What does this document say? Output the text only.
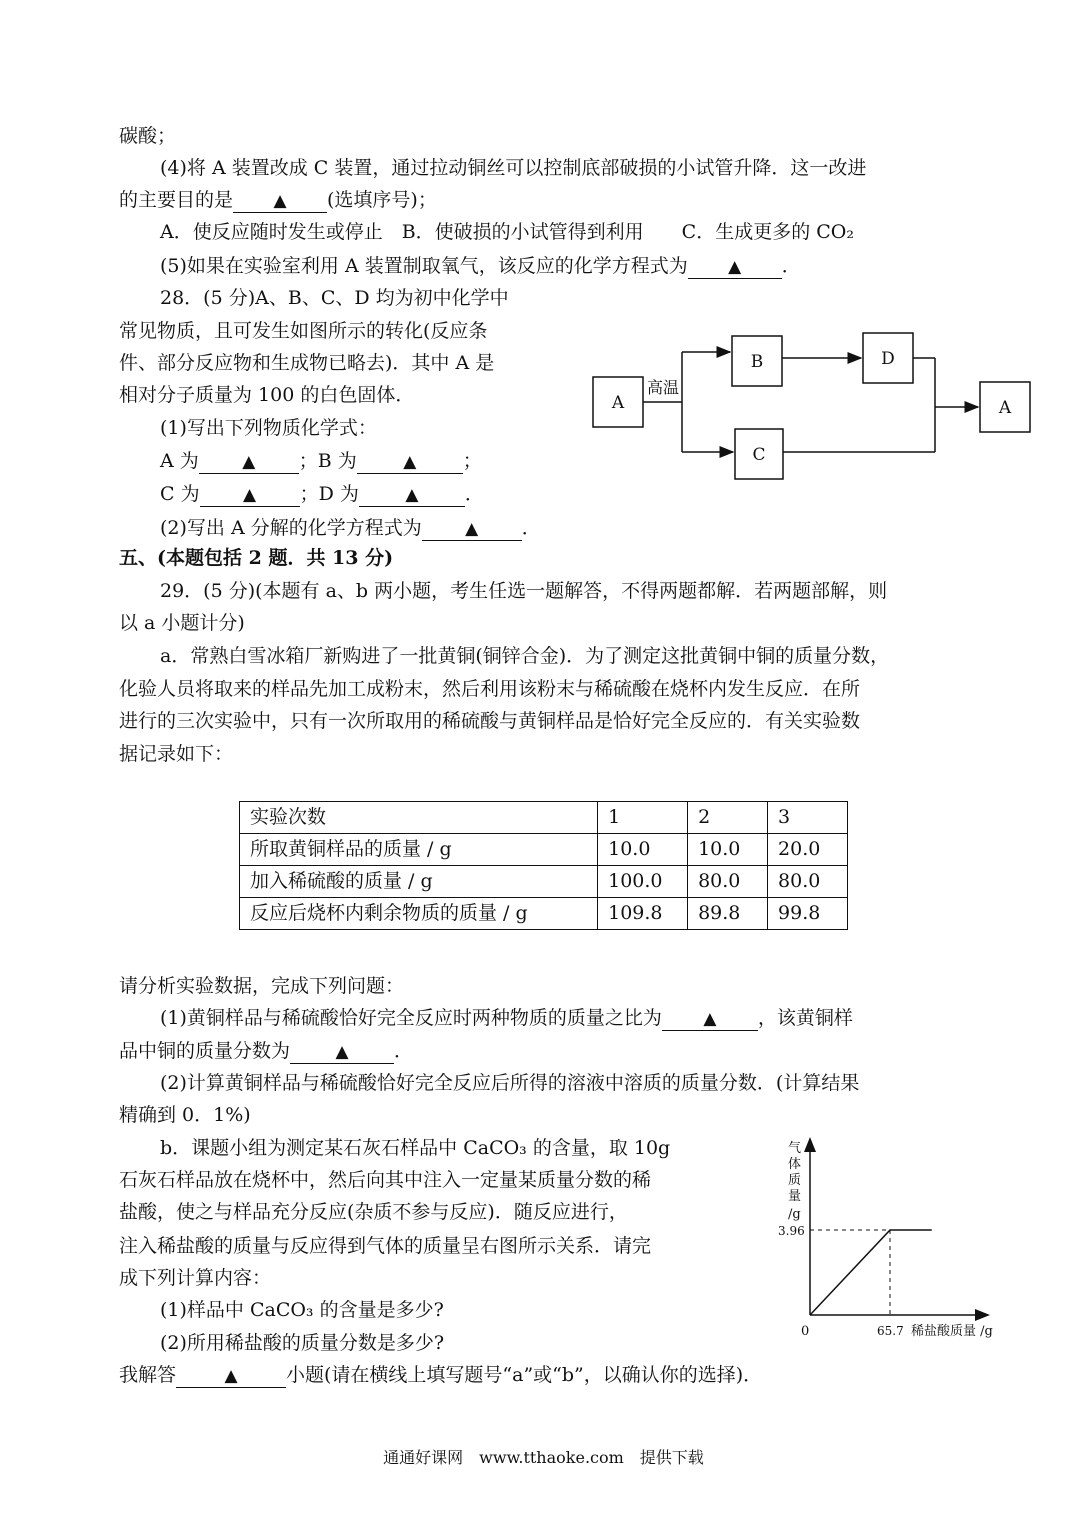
碳酸；
(4)将 A 装置改成 C 装置，通过拉动铜丝可以控制底部破损的小试管升降．这一改进
的主要目的是 ▲ (选填序号)；
A．使反应随时发生或停止　B．使破损的小试管得到利用　　C．生成更多的 CO₂
(5)如果在实验室利用 A 装置制取氧气，该反应的化学方程式为 ▲ ．
28．(5 分)A、B、C、D 均为初中化学中
常见物质，且可发生如图所示的转化(反应条
件、部分反应物和生成物已略去)．其中 A 是
相对分子质量为 100 的白色固体．
(1)写出下列物质化学式：
A 为	▲ ；B 为	▲ ；
C 为	▲ ；D 为	▲ ．
(2)写出 A 分解的化学方程式为	▲ ．
A
B
C
D
A
高温
五、(本题包括 2 题．共 13 分)
29．(5 分)(本题有 a、b 两小题，考生任选一题解答，不得两题都解．若两题部解，则
以 a 小题计分)
a．常熟白雪冰箱厂新购进了一批黄铜(铜锌合金)．为了测定这批黄铜中铜的质量分数，
化验人员将取来的样品先加工成粉末，然后利用该粉末与稀硫酸在烧杯内发生反应．在所
进行的三次实验中，只有一次所取用的稀硫酸与黄铜样品是恰好完全反应的．有关实验数
据记录如下：
实验次数	1	2	3
所取黄铜样品的质量 / g	10.0	10.0	20.0
加入稀硫酸的质量 / g	100.0	80.0	80.0
反应后烧杯内剩余物质的质量 / g	109.8	89.8	99.8
请分析实验数据，完成下列问题：
(1)黄铜样品与稀硫酸恰好完全反应时两种物质的质量之比为 ▲ ，该黄铜样
品中铜的质量分数为	▲ ．
(2)计算黄铜样品与稀硫酸恰好完全反应后所得的溶液中溶质的质量分数．(计算结果
精确到 0．1%)
b．课题小组为测定某石灰石样品中 CaCO₃ 的含量，取 10g
石灰石样品放在烧杯中，然后向其中注入一定量某质量分数的稀
盐酸，使之与样品充分反应(杂质不参与反应)．随反应进行，
注入稀盐酸的质量与反应得到气体的质量呈右图所示关系．请完
成下列计算内容：
(1)样品中 CaCO₃ 的含量是多少?
(2)所用稀盐酸的质量分数是多少?
我解答	▲	小题(请在横线上填写题号“a”或“b”，以确认你的选择)．
气
体
质
量
/g
3.96
0	65.7 稀盐酸质量 /g
通通好课网　www.tthaoke.com　提供下载
